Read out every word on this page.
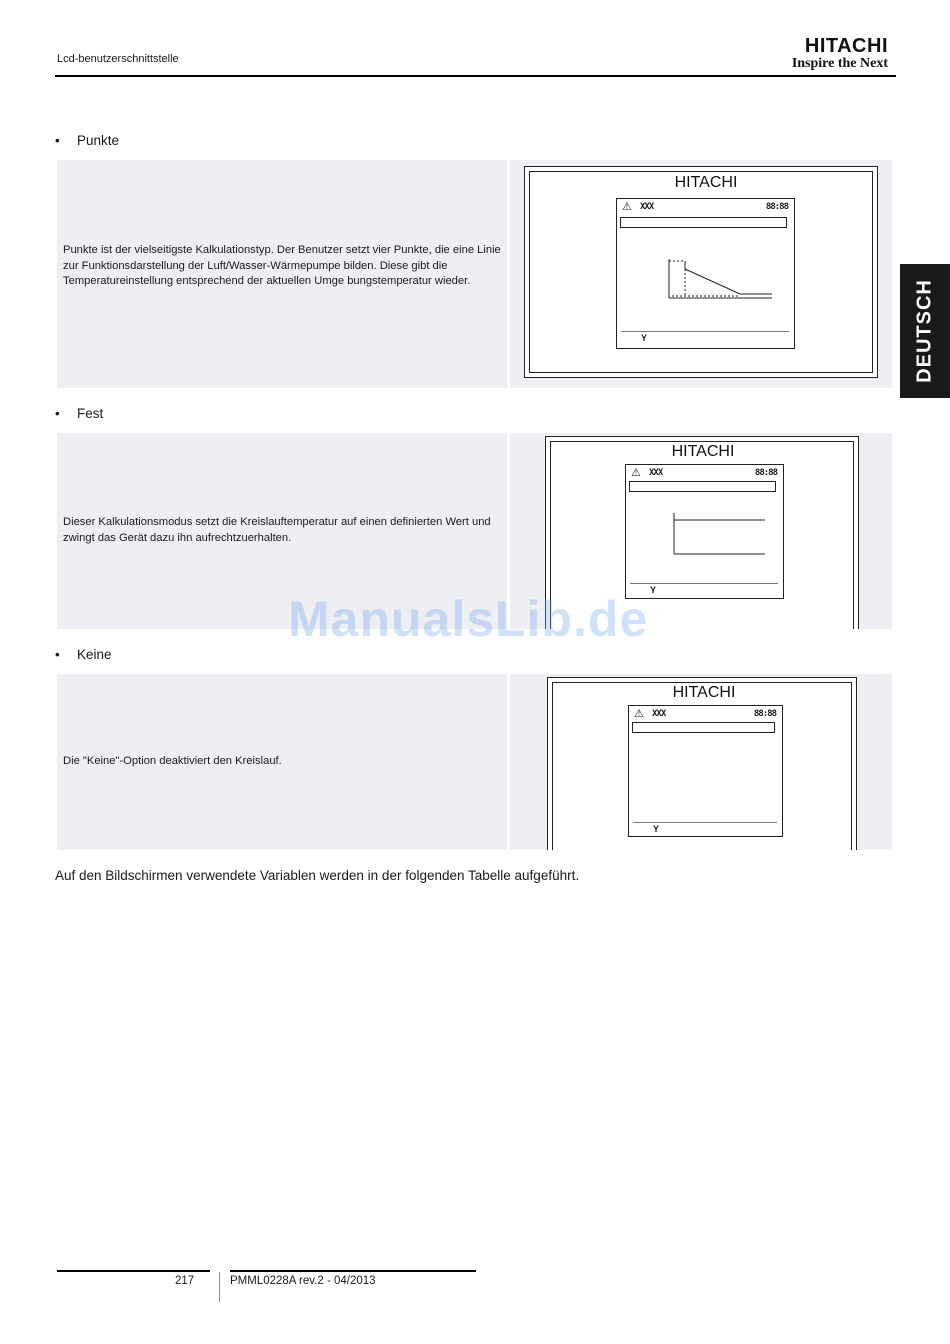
Lcd-benutzerschnittstelle
HITACHI
Inspire the Next
DEUTSCH
• Punkte

Punkte ist der vielseitigste Kalkulationstyp. Der Benutzer setzt vier Punkte, die eine Linie zur Funktionsdarstellung der Luft/Wasser-Wärmepumpe bilden. Diese gibt die Temperatureinstellung entsprechend der aktuellen Umge bungstemperatur wieder.

HITACHI
⚠ XXX	88:88
Y
• Fest

Dieser Kalkulationsmodus setzt die Kreislauftemperatur auf einen definierten Wert und zwingt das Gerät dazu ihn aufrechtzuerhalten.

HITACHI
⚠ XXX	88:88
Y
• Keine

Die "Keine"-Option deaktiviert den Kreislauf.

HITACHI
⚠ XXX	88:88
Y
Auf den Bildschirmen verwendete Variablen werden in der folgenden Tabelle aufgeführt.
ManualsLib.de
217	PMML0228A rev.2 - 04/2013
